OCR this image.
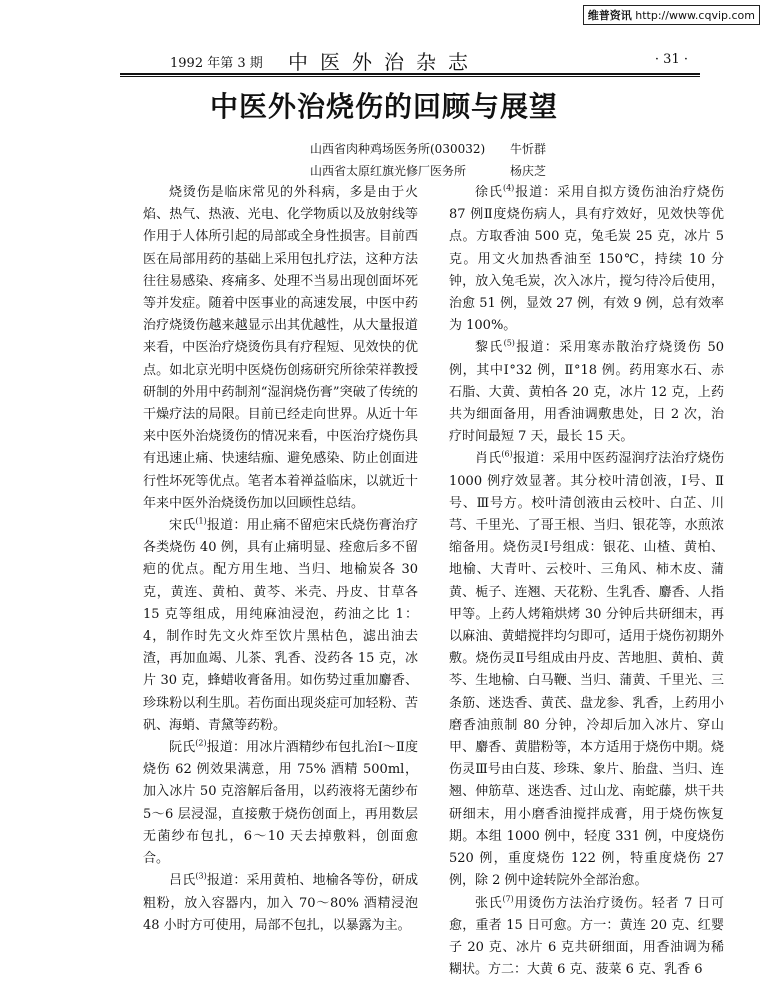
维普资讯 http://www.cqvip.com
1992 年第 3 期	中医外治杂志	· 31 ·
中医外治烧伤的回顾与展望
山西省肉种鸡场医务所(030032) 牛忻群
山西省太原红旗光修厂医务所	杨庆芝

烧烫伤是临床常见的外科病，多是由于火焰、热气、热液、光电、化学物质以及放射线等作用于人体所引起的局部或全身性损害。目前西医在局部用药的基础上采用包扎疗法，这种方法往往易感染、疼痛多、处理不当易出现创面坏死等并发症。随着中医事业的高速发展，中医中药治疗烧烫伤越来越显示出其优越性，从大量报道来看，中医治疗烧烫伤具有疗程短、见效快的优点。如北京光明中医烧伤创疡研究所徐荣祥教授研制的外用中药制剂“湿润烧伤膏”突破了传统的干燥疗法的局限。目前已经走向世界。从近十年来中医外治烧烫伤的情况来看，中医治疗烧伤具有迅速止痛、快速结痂、避免感染、防止创面进行性坏死等优点。笔者本着禅益临床，以就近十年来中医外治烧烫伤加以回顾性总结。

宋氏$^{(1)}$报道：用止痛不留疤宋氏烧伤膏治疗各类烧伤 40 例，具有止痛明显、痊愈后多不留疤的优点。配方用生地、当归、地榆炭各 30 克，黄连、黄柏、黄芩、米壳、丹皮、甘草各 15 克等组成，用纯麻油浸泡，药油之比 1：4，制作时先文火炸至饮片黑枯色，滤出油去渣，再加血竭、儿茶、乳香、没药各 15 克，冰片 30 克，蜂蜡收膏备用。如伤势过重加麝香、珍珠粉以利生肌。若伤面出现炎症可加轻粉、苦矾、海蛸、青黛等药粉。

阮氏$^{(2)}$报道：用冰片酒精纱布包扎治Ⅰ～Ⅱ度烧伤 62 例效果满意，用 75% 酒精 500ml，加入冰片 50 克溶解后备用，以药液将无菌纱布 5～6 层浸湿，直接敷于烧伤创面上，再用数层无菌纱布包扎，6～10 天去掉敷料，创面愈合。

吕氏$^{(3)}$报道：采用黄柏、地榆各等份，研成粗粉，放入容器内，加入 70～80% 酒精浸泡 48 小时方可使用，局部不包扎，以暴露为主。

徐氏$^{(4)}$报道：采用自拟方烫伤油治疗烧伤 87 例Ⅱ度烧伤病人，具有疗效好，见效快等优点。方取香油 500 克，兔毛炭 25 克，冰片 5 克。用文火加热香油至 150℃，持续 10 分钟，放入兔毛炭，次入冰片，搅匀待冷后使用，治愈 51 例，显效 27 例，有效 9 例，总有效率为 100%。

黎氏$^{(5)}$报道：采用寒赤散治疗烧烫伤 50 例，其中Ⅰ°32 例，Ⅱ°18 例。药用寒水石、赤石脂、大黄、黄柏各 20 克，冰片 12 克，上药共为细面备用，用香油调敷患处，日 2 次，治疗时间最短 7 天，最长 15 天。

肖氏$^{(6)}$报道：采用中医药湿润疗法治疗烧伤 1000 例疗效显著。其分校叶清创液，Ⅰ号、Ⅱ号、Ⅲ号方。校叶清创液由云校叶、白芷、川芎、千里光、了哥王根、当归、银花等，水煎浓缩备用。烧伤灵Ⅰ号组成：银花、山楂、黄柏、地榆、大青叶、云校叶、三角风、柿木皮、蒲黄、栀子、连翘、天花粉、生乳香、麝香、人指甲等。上药人烤箱烘烤 30 分钟后共研细末，再以麻油、黄蜡搅拌均匀即可，适用于烧伤初期外敷。烧伤灵Ⅱ号组成由丹皮、苦地胆、黄柏、黄芩、生地榆、白马鞭、当归、蒲黄、千里光、三条筋、迷迭香、黄芪、盘龙参、乳香，上药用小磨香油煎制 80 分钟，冷却后加入冰片、穿山甲、麝香、黄腊粉等，本方适用于烧伤中期。烧伤灵Ⅲ号由白芨、珍珠、象片、胎盘、当归、连翘、伸筋草、迷迭香、过山龙、南蛇藤，烘干共研细末，用小磨香油搅拌成膏，用于烧伤恢复期。本组 1000 例中，轻度 331 例，中度烧伤 520 例，重度烧伤 122 例，特重度烧伤 27 例，除 2 例中途转院外全部治愈。

张氏$^{(7)}$用烫伤方法治疗烫伤。轻者 7 日可愈，重者 15 日可愈。方一：黄连 20 克、红婴子 20 克、冰片 6 克共研细面，用香油调为稀糊状。方二：大黄 6 克、菠菜 6 克、乳香 6
